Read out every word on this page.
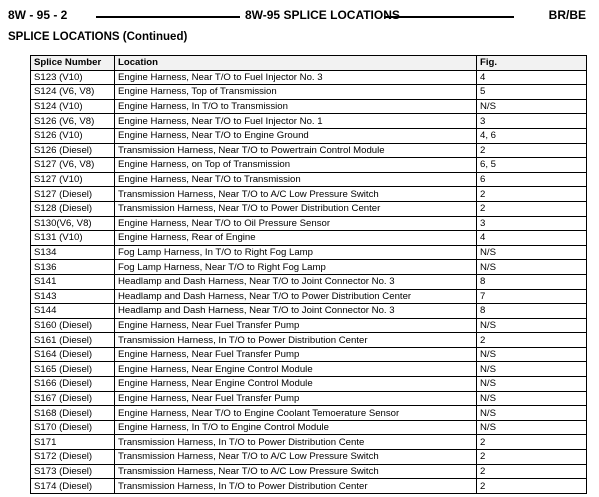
8W - 95 - 2	8W-95 SPLICE LOCATIONS	BR/BE
SPLICE LOCATIONS (Continued)
Splice Number	Location	Fig.
S123 (V10)	Engine Harness, Near T/O to Fuel Injector No. 3	4
S124 (V6, V8)	Engine Harness, Top of Transmission	5
S124 (V10)	Engine Harness, In T/O to Transmission	N/S
S126 (V6, V8)	Engine Harness, Near T/O to Fuel Injector No. 1	3
S126 (V10)	Engine Harness, Near T/O to Engine Ground	4, 6
S126 (Diesel)	Transmission Harness, Near T/O to Powertrain Control Module	2
S127 (V6, V8)	Engine Harness, on Top of Transmission	6, 5
S127 (V10)	Engine Harness, Near T/O to Transmission	6
S127 (Diesel)	Transmission Harness, Near T/O to A/C Low Pressure Switch	2
S128 (Diesel)	Transmission Harness, Near T/O to Power Distribution Center	2
S130(V6, V8)	Engine Harness, Near T/O to Oil Pressure Sensor	3
S131 (V10)	Engine Harness, Rear of Engine	4
S134	Fog Lamp Harness, In T/O to Right Fog Lamp	N/S
S136	Fog Lamp Harness, Near T/O to Right Fog Lamp	N/S
S141	Headlamp and Dash Harness, Near T/O to Joint Connector No. 3	8
S143	Headlamp and Dash Harness, Near T/O to Power Distribution Center	7
S144	Headlamp and Dash Harness, Near T/O to Joint Connector No. 3	8
S160 (Diesel)	Engine Harness, Near Fuel Transfer Pump	N/S
S161 (Diesel)	Transmission Harness, In T/O to Power Distribution Center	2
S164 (Diesel)	Engine Harness, Near Fuel Transfer Pump	N/S
S165 (Diesel)	Engine Harness, Near Engine Control Module	N/S
S166 (Diesel)	Engine Harness, Near Engine Control Module	N/S
S167 (Diesel)	Engine Harness, Near Fuel Transfer Pump	N/S
S168 (Diesel)	Engine Harness, Near T/O to Engine Coolant Temoerature Sensor	N/S
S170 (Diesel)	Engine Harness, In T/O to Engine Control Module	N/S
S171	Transmission Harness, In T/O to Power Distribution Cente	2
S172 (Diesel)	Transmission Harness, Near T/O to A/C Low Pressure Switch	2
S173 (Diesel)	Transmission Harness, Near T/O to A/C Low Pressure Switch	2
S174 (Diesel)	Transmission Harness, In T/O to Power Distribution Center	2
